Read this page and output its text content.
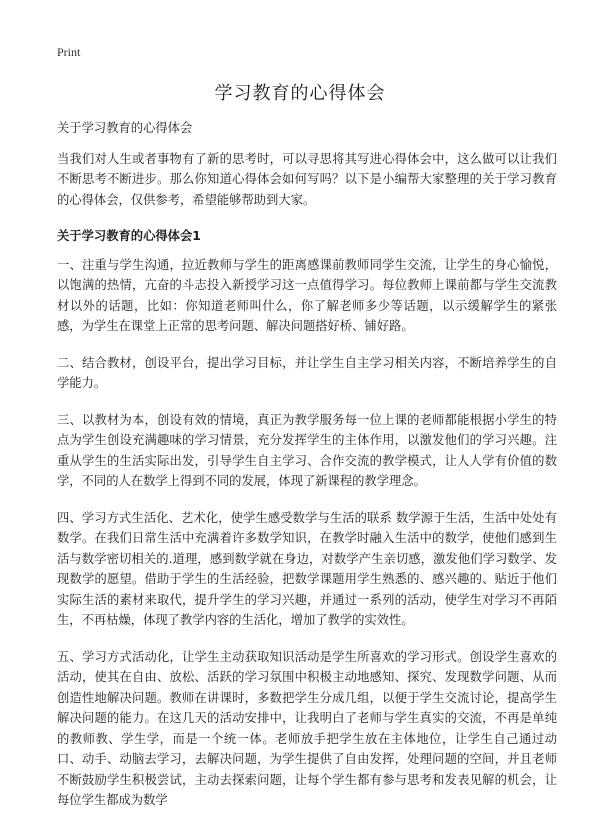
Print
学习教育的心得体会

关于学习教育的心得体会

当我们对人生或者事物有了新的思考时，可以寻思将其写进心得体会中，这么做可以让我们不断思考不断进步。那么你知道心得体会如何写吗？以下是小编帮大家整理的关于学习教育的心得体会，仅供参考，希望能够帮助到大家。

关于学习教育的心得体会1

一、注重与学生沟通，拉近教师与学生的距离感课前教师同学生交流，让学生的身心愉悦，以饱满的热情，亢奋的斗志投入新授学习这一点值得学习。每位教师上课前都与学生交流教材以外的话题，比如：你知道老师叫什么，你了解老师多少等话题，以示缓解学生的紧张感，为学生在课堂上正常的思考问题、解决问题搭好桥、铺好路。

二、结合教材，创设平台，提出学习目标，并让学生自主学习相关内容，不断培养学生的自学能力。

三、以教材为本，创设有效的情境，真正为教学服务每一位上课的老师都能根据小学生的特点为学生创设充满趣味的学习情景，充分发挥学生的主体作用，以激发他们的学习兴趣。注重从学生的生活实际出发，引导学生自主学习、合作交流的教学模式，让人人学有价值的数学，不同的人在数学上得到不同的发展，体现了新课程的教学理念。

四、学习方式生活化、艺术化，使学生感受数学与生活的联系 数学源于生活，生活中处处有数学。在我们日常生活中充满着许多数学知识，在教学时融入生活中的数学，使他们感到生活与数学密切相关的.道理，感到数学就在身边，对数学产生亲切感，激发他们学习数学、发现数学的愿望。借助于学生的生活经验，把数学课题用学生熟悉的、感兴趣的、贴近于他们实际生活的素材来取代，提升学生的学习兴趣，并通过一系列的活动，使学生对学习不再陌生，不再枯燥，体现了教学内容的生活化，增加了教学的实效性。

五、学习方式活动化，让学生主动获取知识活动是学生所喜欢的学习形式。创设学生喜欢的活动，使其在自由、放松、活跃的学习氛围中积极主动地感知、探究、发现数学问题、从而创造性地解决问题。教师在讲课时，多数把学生分成几组，以便于学生交流讨论，提高学生解决问题的能力。在这几天的活动安排中，让我明白了老师与学生真实的交流，不再是单纯的教师教、学生学，而是一个统一体。老师放手把学生放在主体地位，让学生自己通过动口、动手、动脑去学习，去解决问题，为学生提供了自由发挥，处理问题的空间，并且老师不断鼓励学生积极尝试，主动去探索问题，让每个学生都有参与思考和发表见解的机会，让每位学生都成为数学
